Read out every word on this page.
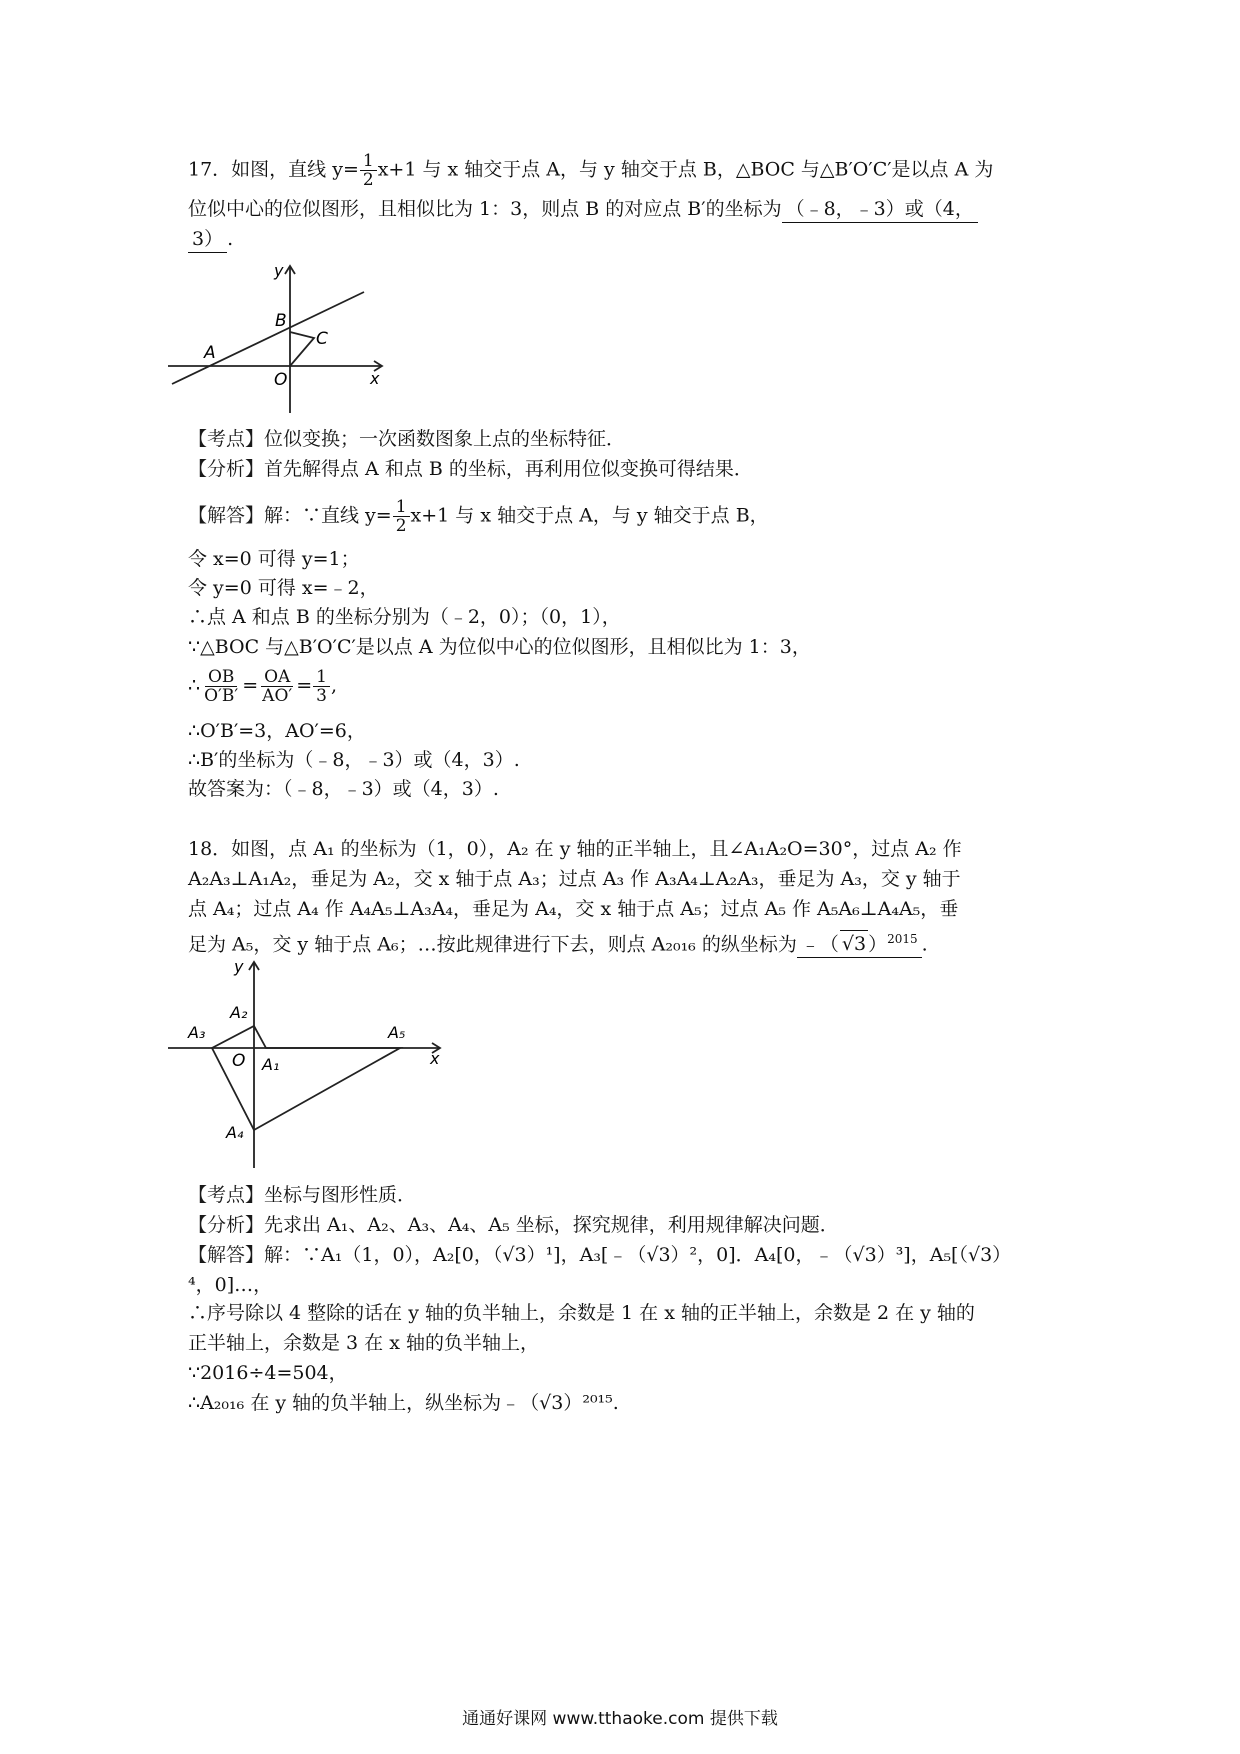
17．如图，直线 $y= \frac{1}{2} x+1$ 与 x 轴交于点 A，与 y 轴交于点 B，△BOC 与△B′O′C′是以点 A 为
位似中心的位似图形，且相似比为 1：3，则点 B 的对应点 B′的坐标为 （﹣8，﹣3）或（4，
3） .
y
x
A
B
C
O
【考点】位似变换；一次函数图象上点的坐标特征．
【分析】首先解得点 A 和点 B 的坐标，再利用位似变换可得结果．
【解答】解：∵直线 $y= \frac{1}{2} x+1$ 与 x 轴交于点 A，与 y 轴交于点 B，
令 x=0 可得 y=1；
令 y=0 可得 x=﹣2，
∴点 A 和点 B 的坐标分别为（﹣2，0）；（0，1），
∵△BOC 与△B′O′C′是以点 A 为位似中心的位似图形，且相似比为 1：3，
∴ $\frac{OB}{O'B'} = \frac{OA}{AO'} = \frac{1}{3}$ ,
∴O′B′=3，AO′=6，
∴B′的坐标为（﹣8，﹣3）或（4，3）.
故答案为：（﹣8，﹣3）或（4，3）.
18．如图，点 A₁ 的坐标为（1，0），A₂ 在 y 轴的正半轴上，且∠A₁A₂O=30°，过点 A₂ 作
A₂A₃⊥A₁A₂，垂足为 A₂，交 x 轴于点 A₃；过点 A₃ 作 A₃A₄⊥A₂A₃，垂足为 A₃，交 y 轴于
点 A₄；过点 A₄ 作 A₄A₅⊥A₃A₄，垂足为 A₄，交 x 轴于点 A₅；过点 A₅ 作 A₅A₆⊥A₄A₅，垂
足为 A₅，交 y 轴于点 A₆；…按此规律进行下去，则点 A₂₀₁₆ 的纵坐标为 ﹣（ √3 ）$^{2015}$ .
y
x
O A₁
A₂
A₃
A₄
A₅
【考点】坐标与图形性质．
【分析】先求出 A₁、A₂、A₃、A₄、A₅ 坐标，探究规律，利用规律解决问题．
【解答】解：∵A₁（1，0），A₂[0，（√3）¹]，A₃[﹣（√3）²，0]．A₄[0，﹣（√3）³]，A₅[（√3）
⁴，0]…，
∴序号除以 4 整除的话在 y 轴的负半轴上，余数是 1 在 x 轴的正半轴上，余数是 2 在 y 轴的
正半轴上，余数是 3 在 x 轴的负半轴上，
∵2016÷4=504，
∴A₂₀₁₆ 在 y 轴的负半轴上，纵坐标为﹣（√3）²⁰¹⁵.
通通好课网 www.tthaoke.com 提供下载
